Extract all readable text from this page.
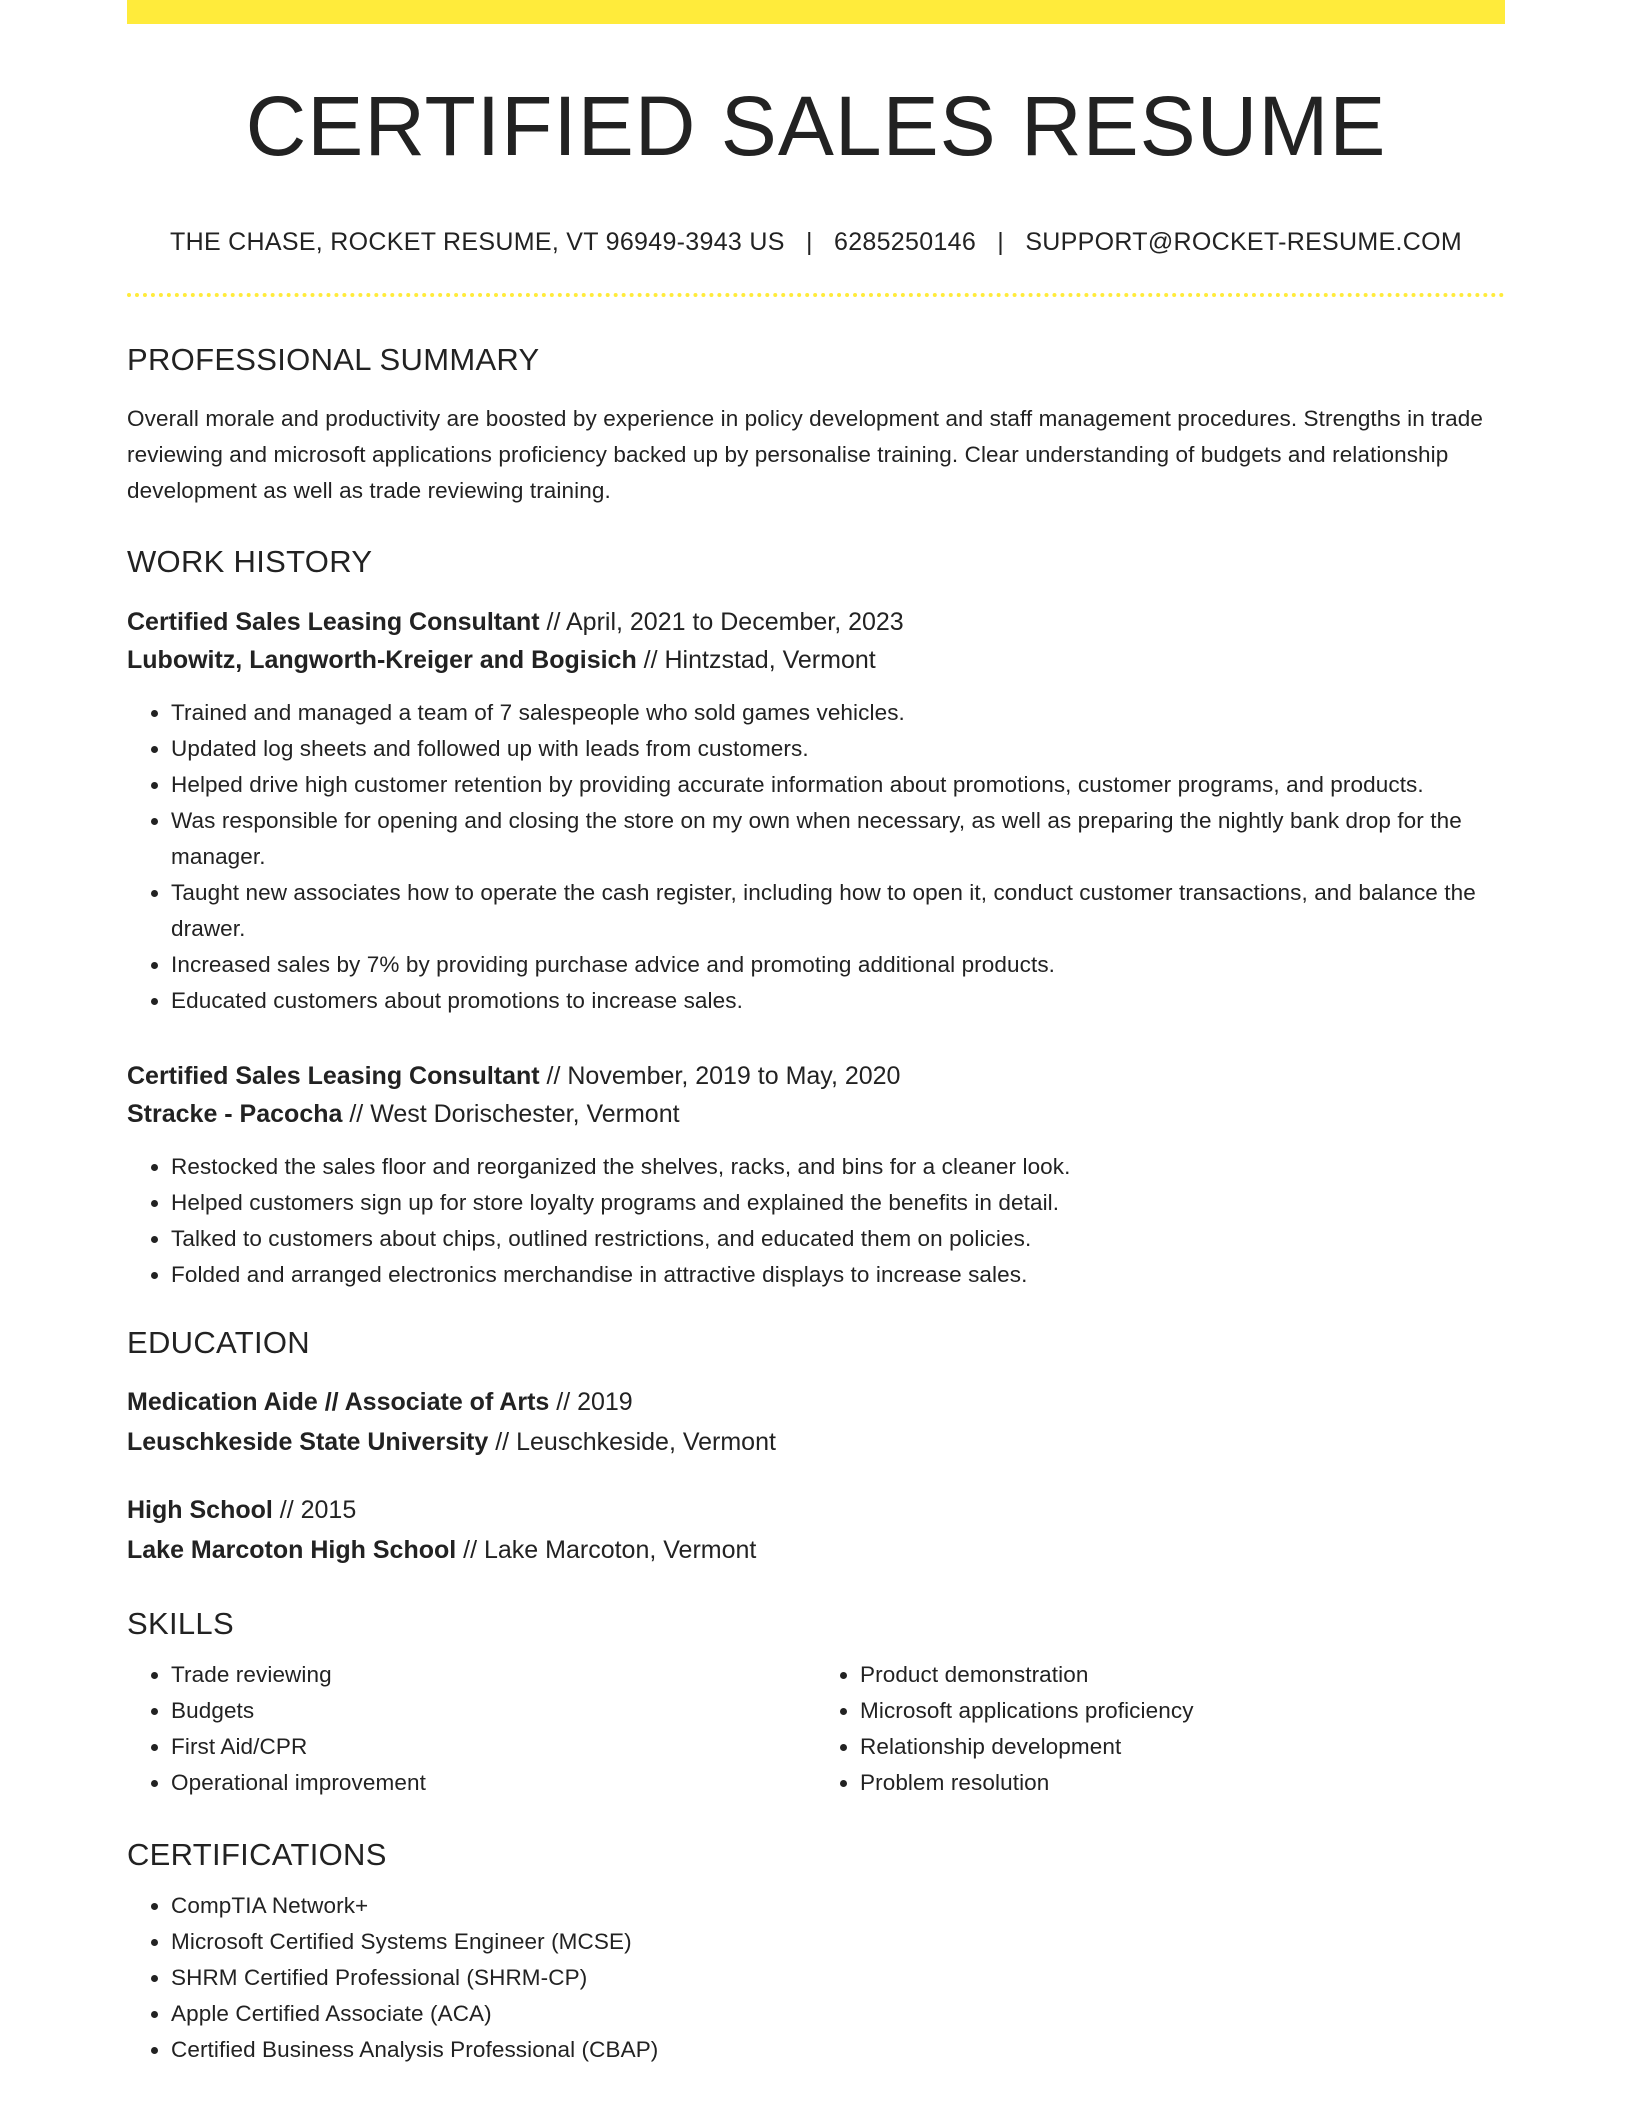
CERTIFIED SALES RESUME
THE CHASE, ROCKET RESUME, VT 96949-3943 US | 6285250146 | SUPPORT@ROCKET-RESUME.COM
PROFESSIONAL SUMMARY
Overall morale and productivity are boosted by experience in policy development and staff management procedures. Strengths in trade reviewing and microsoft applications proficiency backed up by personalise training. Clear understanding of budgets and relationship development as well as trade reviewing training.
WORK HISTORY
Certified Sales Leasing Consultant // April, 2021 to December, 2023
Lubowitz, Langworth-Kreiger and Bogisich // Hintzstad, Vermont
• Trained and managed a team of 7 salespeople who sold games vehicles.
• Updated log sheets and followed up with leads from customers.
• Helped drive high customer retention by providing accurate information about promotions, customer programs, and products.
• Was responsible for opening and closing the store on my own when necessary, as well as preparing the nightly bank drop for the manager.
• Taught new associates how to operate the cash register, including how to open it, conduct customer transactions, and balance the drawer.
• Increased sales by 7% by providing purchase advice and promoting additional products.
• Educated customers about promotions to increase sales.
Certified Sales Leasing Consultant // November, 2019 to May, 2020
Stracke - Pacocha // West Dorischester, Vermont
• Restocked the sales floor and reorganized the shelves, racks, and bins for a cleaner look.
• Helped customers sign up for store loyalty programs and explained the benefits in detail.
• Talked to customers about chips, outlined restrictions, and educated them on policies.
• Folded and arranged electronics merchandise in attractive displays to increase sales.
EDUCATION
Medication Aide // Associate of Arts // 2019
Leuschkeside State University // Leuschkeside, Vermont
High School // 2015
Lake Marcoton High School // Lake Marcoton, Vermont
SKILLS
• Trade reviewing
• Budgets
• First Aid/CPR
• Operational improvement
• Product demonstration
• Microsoft applications proficiency
• Relationship development
• Problem resolution
CERTIFICATIONS
• CompTIA Network+
• Microsoft Certified Systems Engineer (MCSE)
• SHRM Certified Professional (SHRM-CP)
• Apple Certified Associate (ACA)
• Certified Business Analysis Professional (CBAP)
